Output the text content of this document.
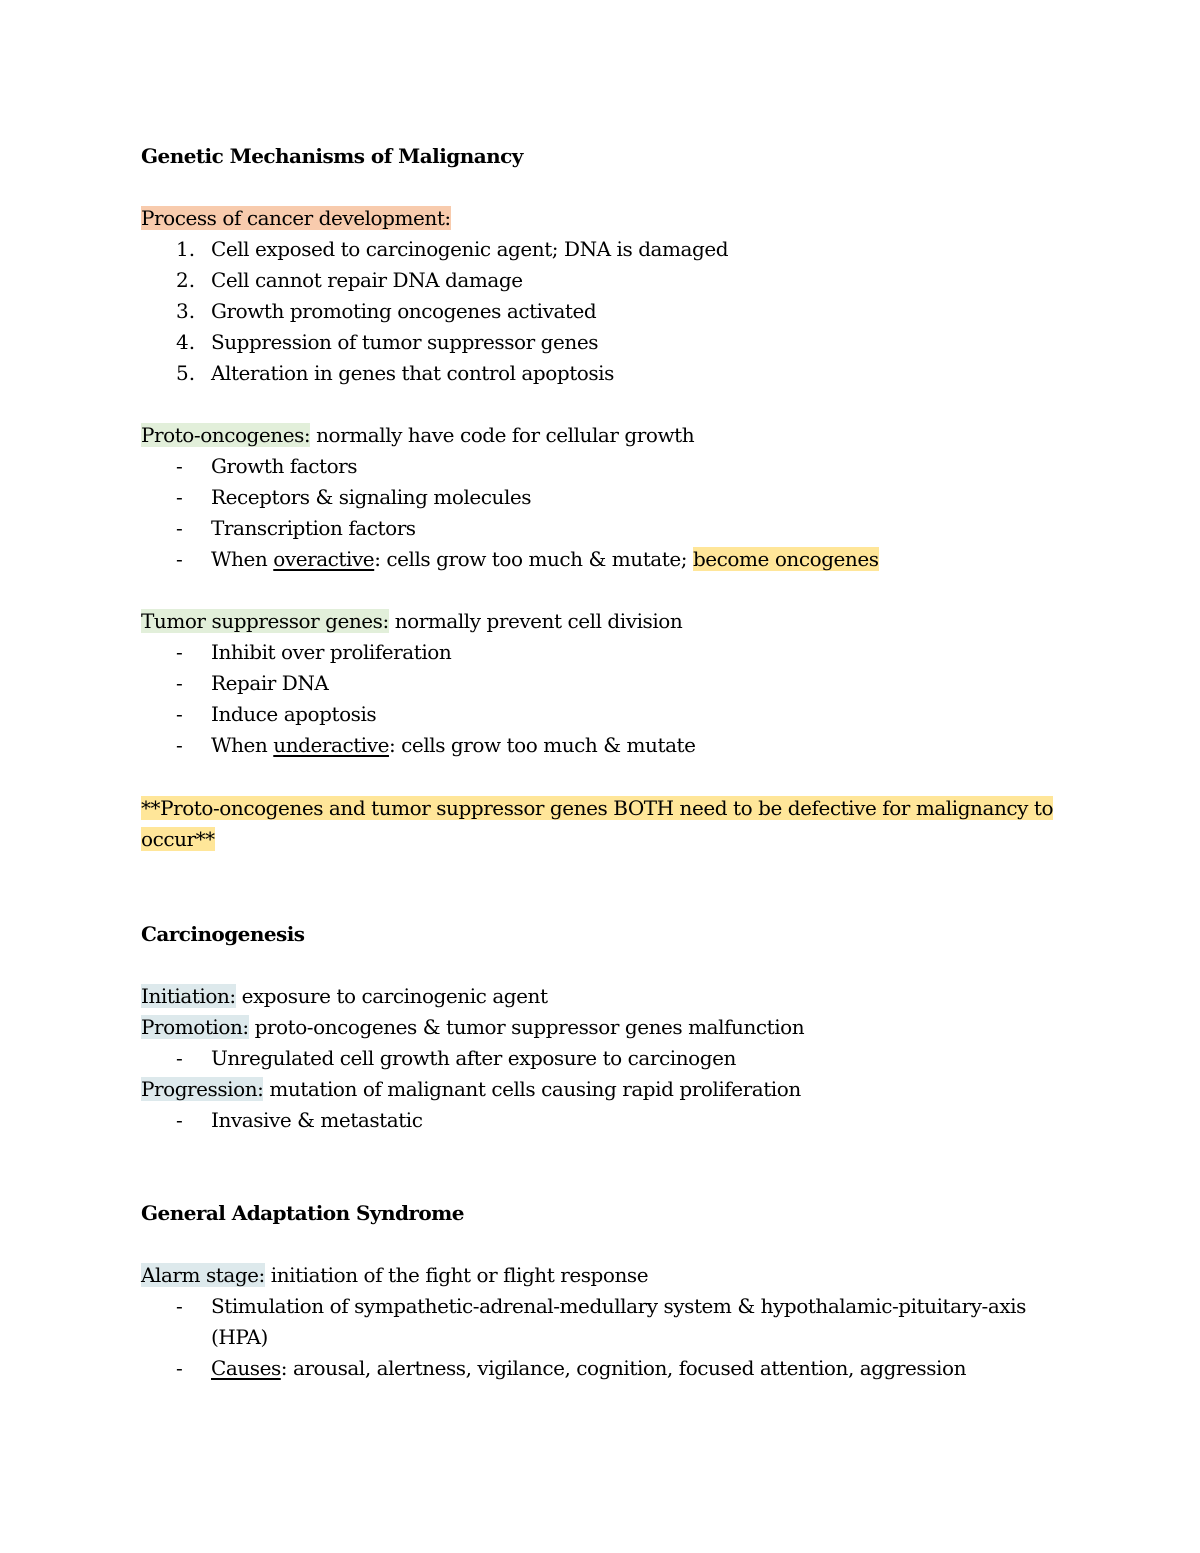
Genetic Mechanisms of Malignancy
Process of cancer development:
1. Cell exposed to carcinogenic agent; DNA is damaged
2. Cell cannot repair DNA damage
3. Growth promoting oncogenes activated
4. Suppression of tumor suppressor genes
5. Alteration in genes that control apoptosis
Proto-oncogenes: normally have code for cellular growth
- Growth factors
- Receptors & signaling molecules
- Transcription factors
- When overactive: cells grow too much & mutate; become oncogenes
Tumor suppressor genes: normally prevent cell division
- Inhibit over proliferation
- Repair DNA
- Induce apoptosis
- When underactive: cells grow too much & mutate
**Proto-oncogenes and tumor suppressor genes BOTH need to be defective for malignancy to
occur**
Carcinogenesis
Initiation: exposure to carcinogenic agent
Promotion: proto-oncogenes & tumor suppressor genes malfunction
- Unregulated cell growth after exposure to carcinogen
Progression: mutation of malignant cells causing rapid proliferation
- Invasive & metastatic
General Adaptation Syndrome
Alarm stage: initiation of the fight or flight response
- Stimulation of sympathetic-adrenal-medullary system & hypothalamic-pituitary-axis
(HPA)
- Causes: arousal, alertness, vigilance, cognition, focused attention, aggression
